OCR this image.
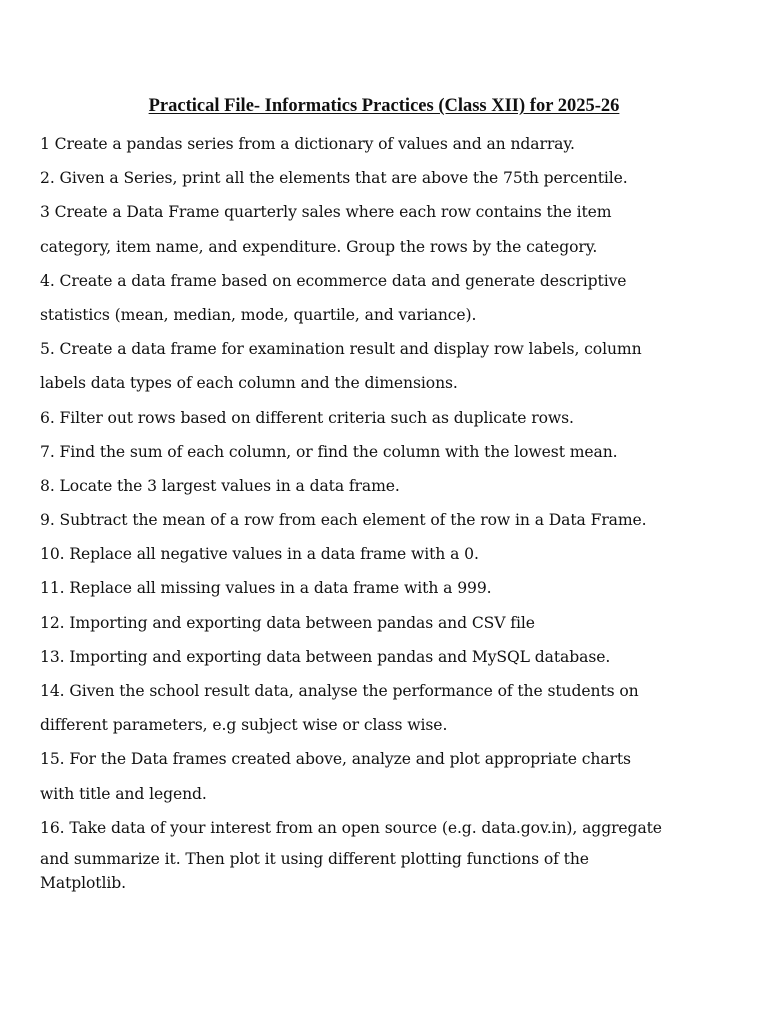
Practical File- Informatics Practices (Class XII) for 2025-26
1 Create a pandas series from a dictionary of values and an ndarray.
2. Given a Series, print all the elements that are above the 75th percentile.
3 Create a Data Frame quarterly sales where each row contains the item
category, item name, and expenditure. Group the rows by the category.
4. Create a data frame based on ecommerce data and generate descriptive
statistics (mean, median, mode, quartile, and variance).
5. Create a data frame for examination result and display row labels, column
labels data types of each column and the dimensions.
6. Filter out rows based on different criteria such as duplicate rows.
7. Find the sum of each column, or find the column with the lowest mean.
8. Locate the 3 largest values in a data frame.
9. Subtract the mean of a row from each element of the row in a Data Frame.
10. Replace all negative values in a data frame with a 0.
11. Replace all missing values in a data frame with a 999.
12. Importing and exporting data between pandas and CSV file
13. Importing and exporting data between pandas and MySQL database.
14. Given the school result data, analyse the performance of the students on
different parameters, e.g subject wise or class wise.
15. For the Data frames created above, analyze and plot appropriate charts
with title and legend.
16. Take data of your interest from an open source (e.g. data.gov.in), aggregate
and summarize it. Then plot it using different plotting functions of the
Matplotlib.
